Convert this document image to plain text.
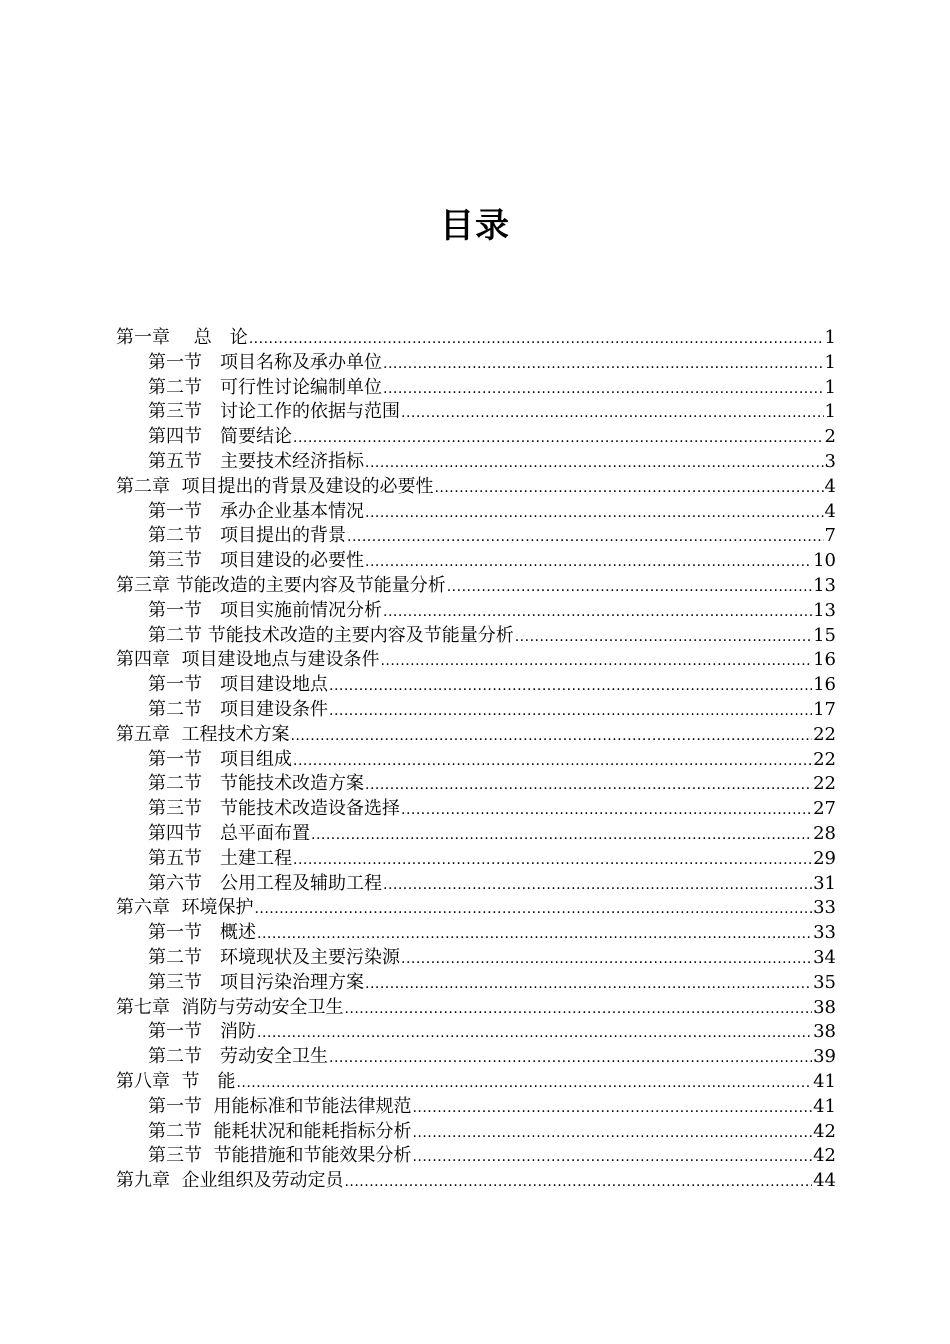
目录
第一章　 总　论 .....	1
第一节　项目名称及承办单位 .....	1
第二节　可行性讨论编制单位 .....	1
第三节　讨论工作的依据与范围 .....	1
第四节　简要结论 .....	2
第五节　主要技术经济指标 .....	3
第二章  项目提出的背景及建设的必要性 .....	4
第一节　承办企业基本情况 .....	4
第二节　项目提出的背景 .....	7
第三节　项目建设的必要性 .....	10
第三章 节能改造的主要内容及节能量分析 .....	13
第一节　项目实施前情况分析 .....	13
第二节 节能技术改造的主要内容及节能量分析 .....	15
第四章  项目建设地点与建设条件 .....	16
第一节　项目建设地点 .....	16
第二节　项目建设条件 .....	17
第五章  工程技术方案 .....	22
第一节　项目组成 .....	22
第二节　节能技术改造方案 .....	22
第三节　节能技术改造设备选择 .....	27
第四节　总平面布置 .....	28
第五节　土建工程 .....	29
第六节　公用工程及辅助工程 .....	31
第六章  环境保护 .....	33
第一节　概述 .....	33
第二节　环境现状及主要污染源 .....	34
第三节　项目污染治理方案 .....	35
第七章  消防与劳动安全卫生 .....	38
第一节　消防 .....	38
第二节　劳动安全卫生 .....	39
第八章  节　能 .....	41
第一节  用能标准和节能法律规范 .....	41
第二节  能耗状况和能耗指标分析 .....	42
第三节  节能措施和节能效果分析 .....	42
第九章  企业组织及劳动定员 .....	44
